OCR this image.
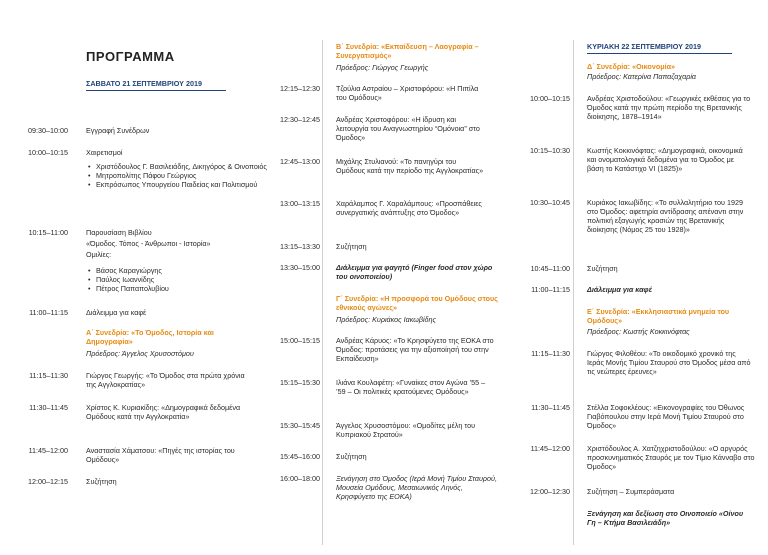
ΠΡΟΓΡΑΜΜΑ
ΣΑΒΒΑΤΟ 21 ΣΕΠΤΕΜΒΡΙΟΥ 2019
09:30–10:00	Εγγραφή Συνέδρων
10:00–10:15	Χαιρετισμοί
• Χριστόδουλος Γ. Βασιλειάδης, Δικηγόρος & Οινοποιός
• Μητροπολίτης Πάφου Γεώργιος
• Εκπρόσωπος Υπουργείου Παιδείας και Πολιτισμού
10:15–11:00	Παρουσίαση Βιβλίου
«Όμοδος. Τόπος - Άνθρωποι - Ιστορία»
Ομιλίες:
• Βάσος Καραγιώργης
• Παύλος Ιωαννίδης
• Πέτρος Παπαπολυβίου
11:00–11:15	Διάλειμμα για καφέ
Α΄ Συνεδρία: «Το Όμοδος, Ιστορία και Δημογραφία»
Πρόεδρος: Άγγελος Χρυσοστόμου
11:15–11:30	Γιώργος Γεωργής: «Το Όμοδος στα πρώτα χρόνια της Αγγλοκρατίας»
11:30–11:45	Χρίστος Κ. Κυριακίδης: «Δημογραφικά δεδομένα Ομόδους κατά την Αγγλοκρατία»
11:45–12:00	Αναστασία Χάματσου: «Πηγές της ιστορίας του Ομόδους»
12:00–12:15	Συζήτηση
Β΄ Συνεδρία: «Εκπαίδευση – Λαογραφία – Συνεργατισμός»
Πρόεδρος: Γιώργος Γεωργής
12:15–12:30 Τζούλια Αστραίου – Χριστοφόρου: «Η Πιπίλα του Ομόδους»
12:30–12:45 Ανδρέας Χριστοφόρου: «Η ίδρυση και λειτουργία του Αναγνωστηρίου “Ομόνοια” στο Όμοδος»
12:45–13:00 Μιχάλης Στυλιανού: «Το πανηγύρι του Ομόδους κατά την περίοδο της Αγγλοκρατίας»
13:00–13:15 Χαράλαμπος Γ. Χαραλάμπους: «Προσπάθειες συνεργατικής ανάπτυξης στο Όμοδος»
13:15–13:30 Συζήτηση
13:30–15:00 Διάλειμμα για φαγητό (Finger food στον χώρο του οινοποιείου)
Γ΄ Συνεδρία: «Η προσφορά του Ομόδους στους εθνικούς αγώνες»
Πρόεδρος: Κυριάκος Ιακωβίδης
15:00–15:15 Ανδρέας Κάρυος: «Το Κρησφύγετο της ΕΟΚΑ στο Όμοδος: προτάσεις για την αξιοποίησή του στην Εκπαίδευση»
15:15–15:30 Ιλιάνα Κουλαφέτη: «Γυναίκες στον Αγώνα ’55 – ’59 – Οι πολιτικές κρατούμενες Ομόδους»
15:30–15:45 Άγγελος Χρυσοστόμου: «Ομοδίτες μέλη του Κυπριακού Στρατού»
15:45–16:00 Συζήτηση
16:00–18:00 Ξενάγηση στο Όμοδος (Ιερά Μονή Τιμίου Σταυρού, Μουσεία Ομόδους, Μεσαιωνικός Ληνός, Κρησφύγετο της ΕΟΚΑ)
ΚΥΡΙΑΚΗ 22 ΣΕΠΤΕΜΒΡΙΟΥ 2019
Δ΄ Συνεδρία: «Οικονομία»
Πρόεδρος: Κατερίνα Παπαζαχαρία
10:00–10:15 Ανδρέας Χριστοδούλου: «Γεωργικές εκθέσεις για το Όμοδος κατά την πρώτη περίοδο της Βρετανικής διοίκησης, 1878–1914»
10:15–10:30 Κωστής Κοκκινόφτας: «Δημογραφικά, οικονομικά και ονοματολογικά δεδομένα για το Όμοδος με βάση το Κατάστιχο VI (1825)»
10:30–10:45 Κυριάκος Ιακωβίδης: «Το συλλαλητήριο του 1929 στο Όμοδος: αφετηρία αντίδρασης απέναντι στην πολιτική εξαγωγής κρασιών της Βρετανικής διοίκησης (Νόμος 25 του 1928)»
10:45–11:00 Συζήτηση
11:00–11:15 Διάλειμμα για καφέ
Ε΄ Συνεδρία: «Εκκλησιαστικά μνημεία του Ομόδους»
Πρόεδρος: Κωστής Κοκκινόφτας
11:15–11:30 Γιώργος Φιλοθέου: «Το οικοδομικό χρονικό της Ιεράς Μονής Τιμίου Σταυρού στο Όμοδος μέσα από τις νεώτερες έρευνες»
11:30–11:45 Στέλλα Σοφοκλέους: «Εικονογραφίες του Όθωνος Γιαβόπουλου στην Ιερά Μονή Τιμίου Σταυρού στο Όμοδος»
11:45–12:00 Χριστόδουλος Α. Χατζηχριστοδούλου: «Ο αργυρός προσκυνηματικός Σταυρός με τον Τίμιο Κάνναβο στο Όμοδος»
12:00–12:30 Συζήτηση – Συμπεράσματα
Ξενάγηση και δεξίωση στο Οινοποιείο «Οίνου Γη – Κτήμα Βασιλειάδη»
